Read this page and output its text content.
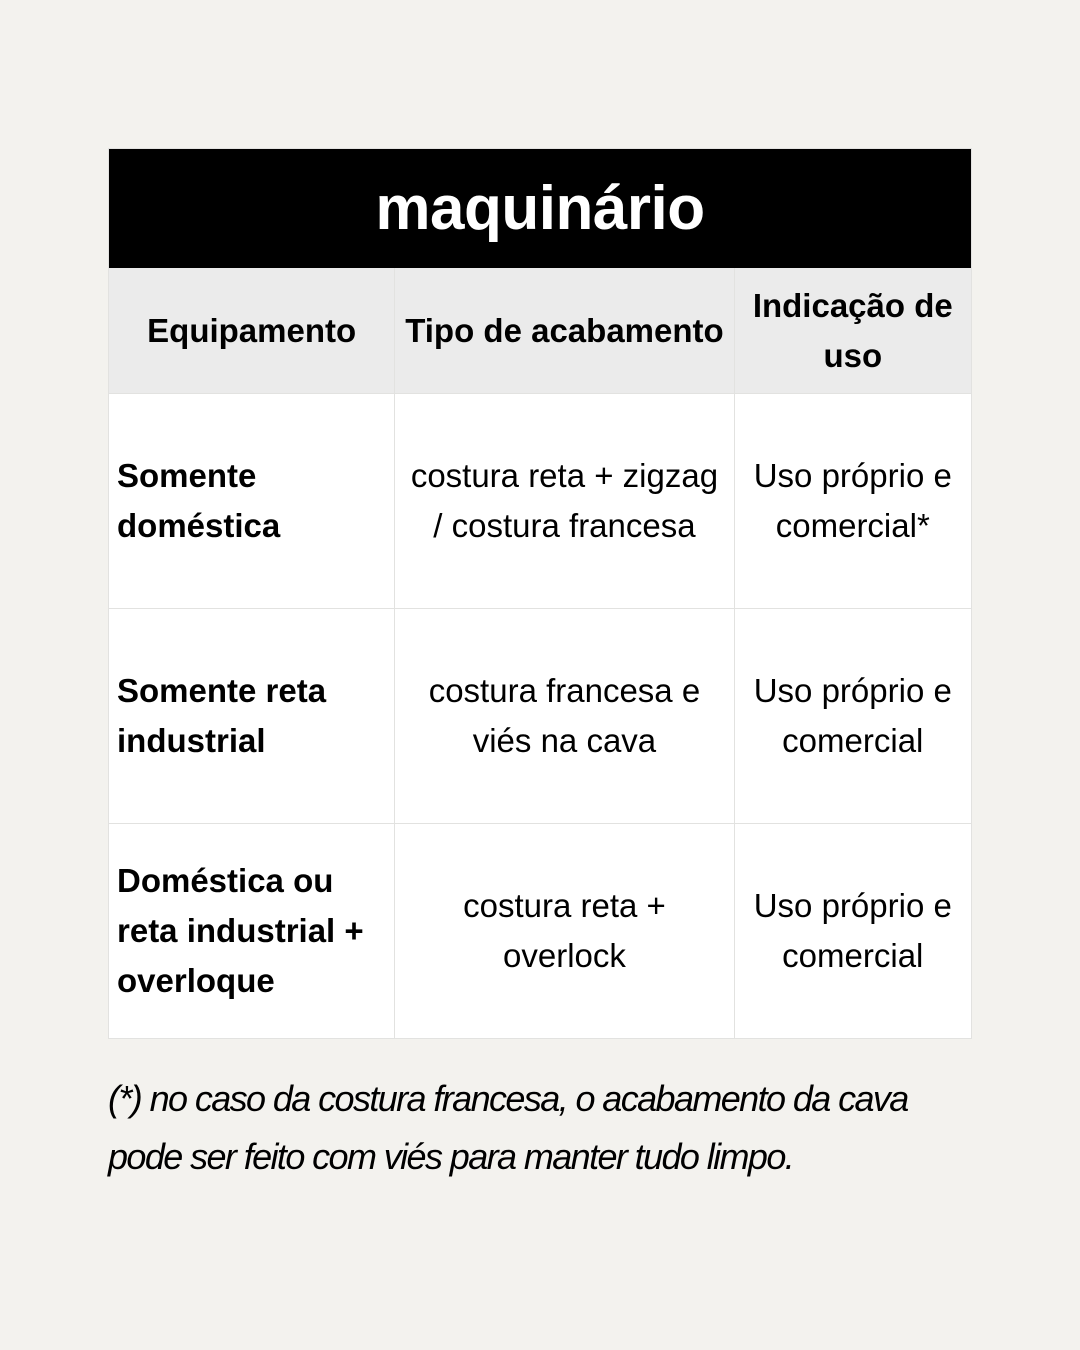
maquinário
Equipamento	Tipo de acabamento
Indicação de uso
Somente doméstica
costura reta + zigzag / costura francesa
Uso próprio e comercial*
Somente reta industrial
costura francesa e viés na cava
Uso próprio e comercial
Doméstica ou reta industrial + overloque
costura reta + overlock
Uso próprio e comercial
(*) no caso da costura francesa, o acabamento da cava pode ser feito com viés para manter tudo limpo.
